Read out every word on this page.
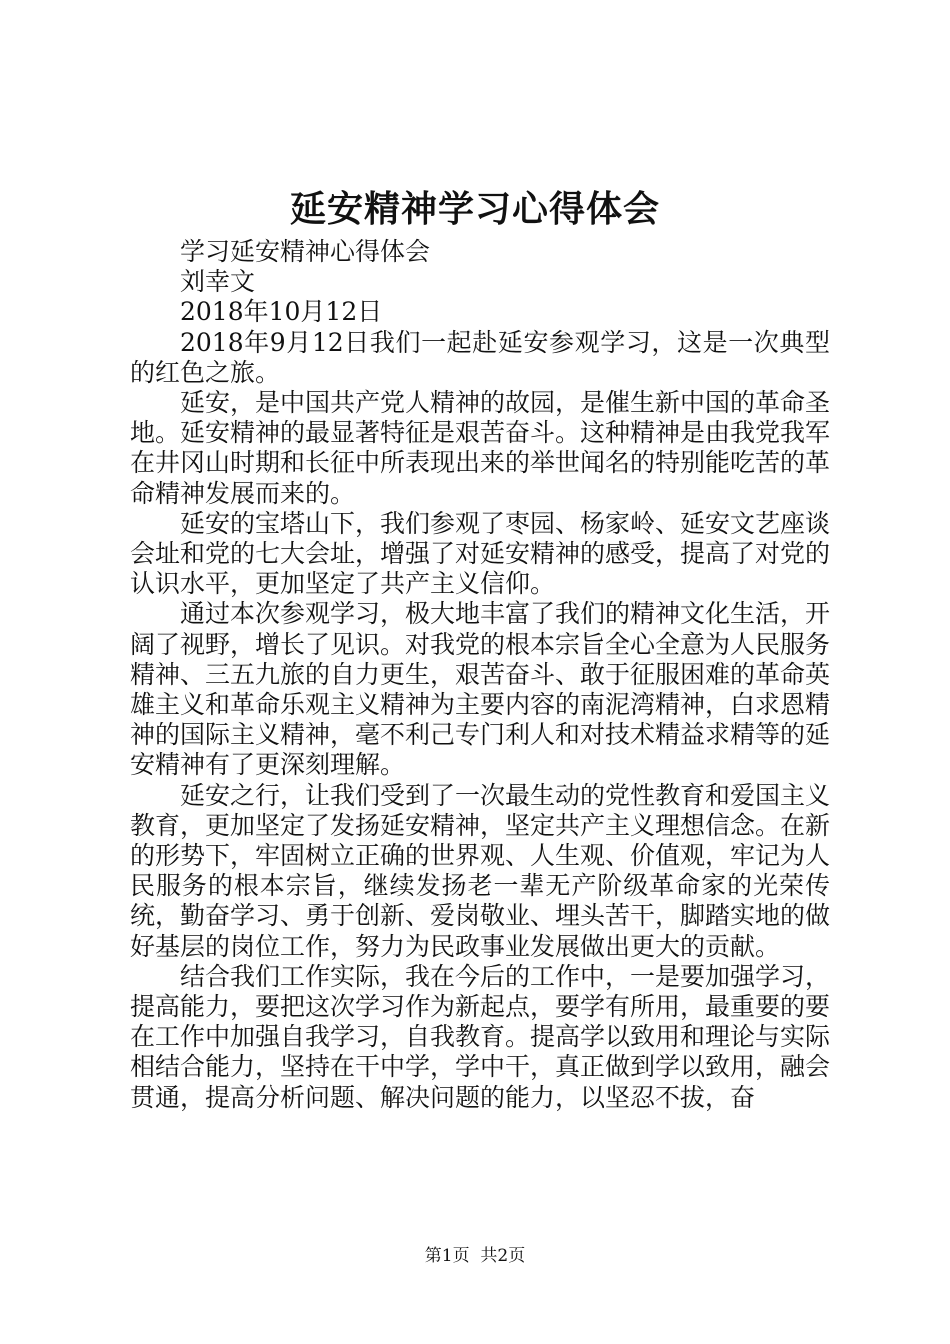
延安精神学习心得体会

学习延安精神心得体会

刘幸文

2018年10月12日

2018年9月12日我们一起赴延安参观学习，这是一次典型的红色之旅。

延安，是中国共产党人精神的故园，是催生新中国的革命圣地。延安精神的最显著特征是艰苦奋斗。这种精神是由我党我军在井冈山时期和长征中所表现出来的举世闻名的特别能吃苦的革命精神发展而来的。

延安的宝塔山下，我们参观了枣园、杨家岭、延安文艺座谈会址和党的七大会址，增强了对延安精神的感受，提高了对党的认识水平，更加坚定了共产主义信仰。

通过本次参观学习，极大地丰富了我们的精神文化生活，开阔了视野，增长了见识。对我党的根本宗旨全心全意为人民服务精神、三五九旅的自力更生，艰苦奋斗、敢于征服困难的革命英雄主义和革命乐观主义精神为主要内容的南泥湾精神，白求恩精神的国际主义精神，毫不利己专门利人和对技术精益求精等的延安精神有了更深刻理解。

延安之行，让我们受到了一次最生动的党性教育和爱国主义教育，更加坚定了发扬延安精神，坚定共产主义理想信念。在新的形势下，牢固树立正确的世界观、人生观、价值观，牢记为人民服务的根本宗旨，继续发扬老一辈无产阶级革命家的光荣传统，勤奋学习、勇于创新、爱岗敬业、埋头苦干，脚踏实地的做好基层的岗位工作，努力为民政事业发展做出更大的贡献。

结合我们工作实际，我在今后的工作中，一是要加强学习，提高能力，要把这次学习作为新起点，要学有所用，最重要的要在工作中加强自我学习，自我教育。提高学以致用和理论与实际相结合能力，坚持在干中学，学中干，真正做到学以致用，融会贯通，提高分析问题、解决问题的能力，以坚忍不拔，奋

第1页  共2页
